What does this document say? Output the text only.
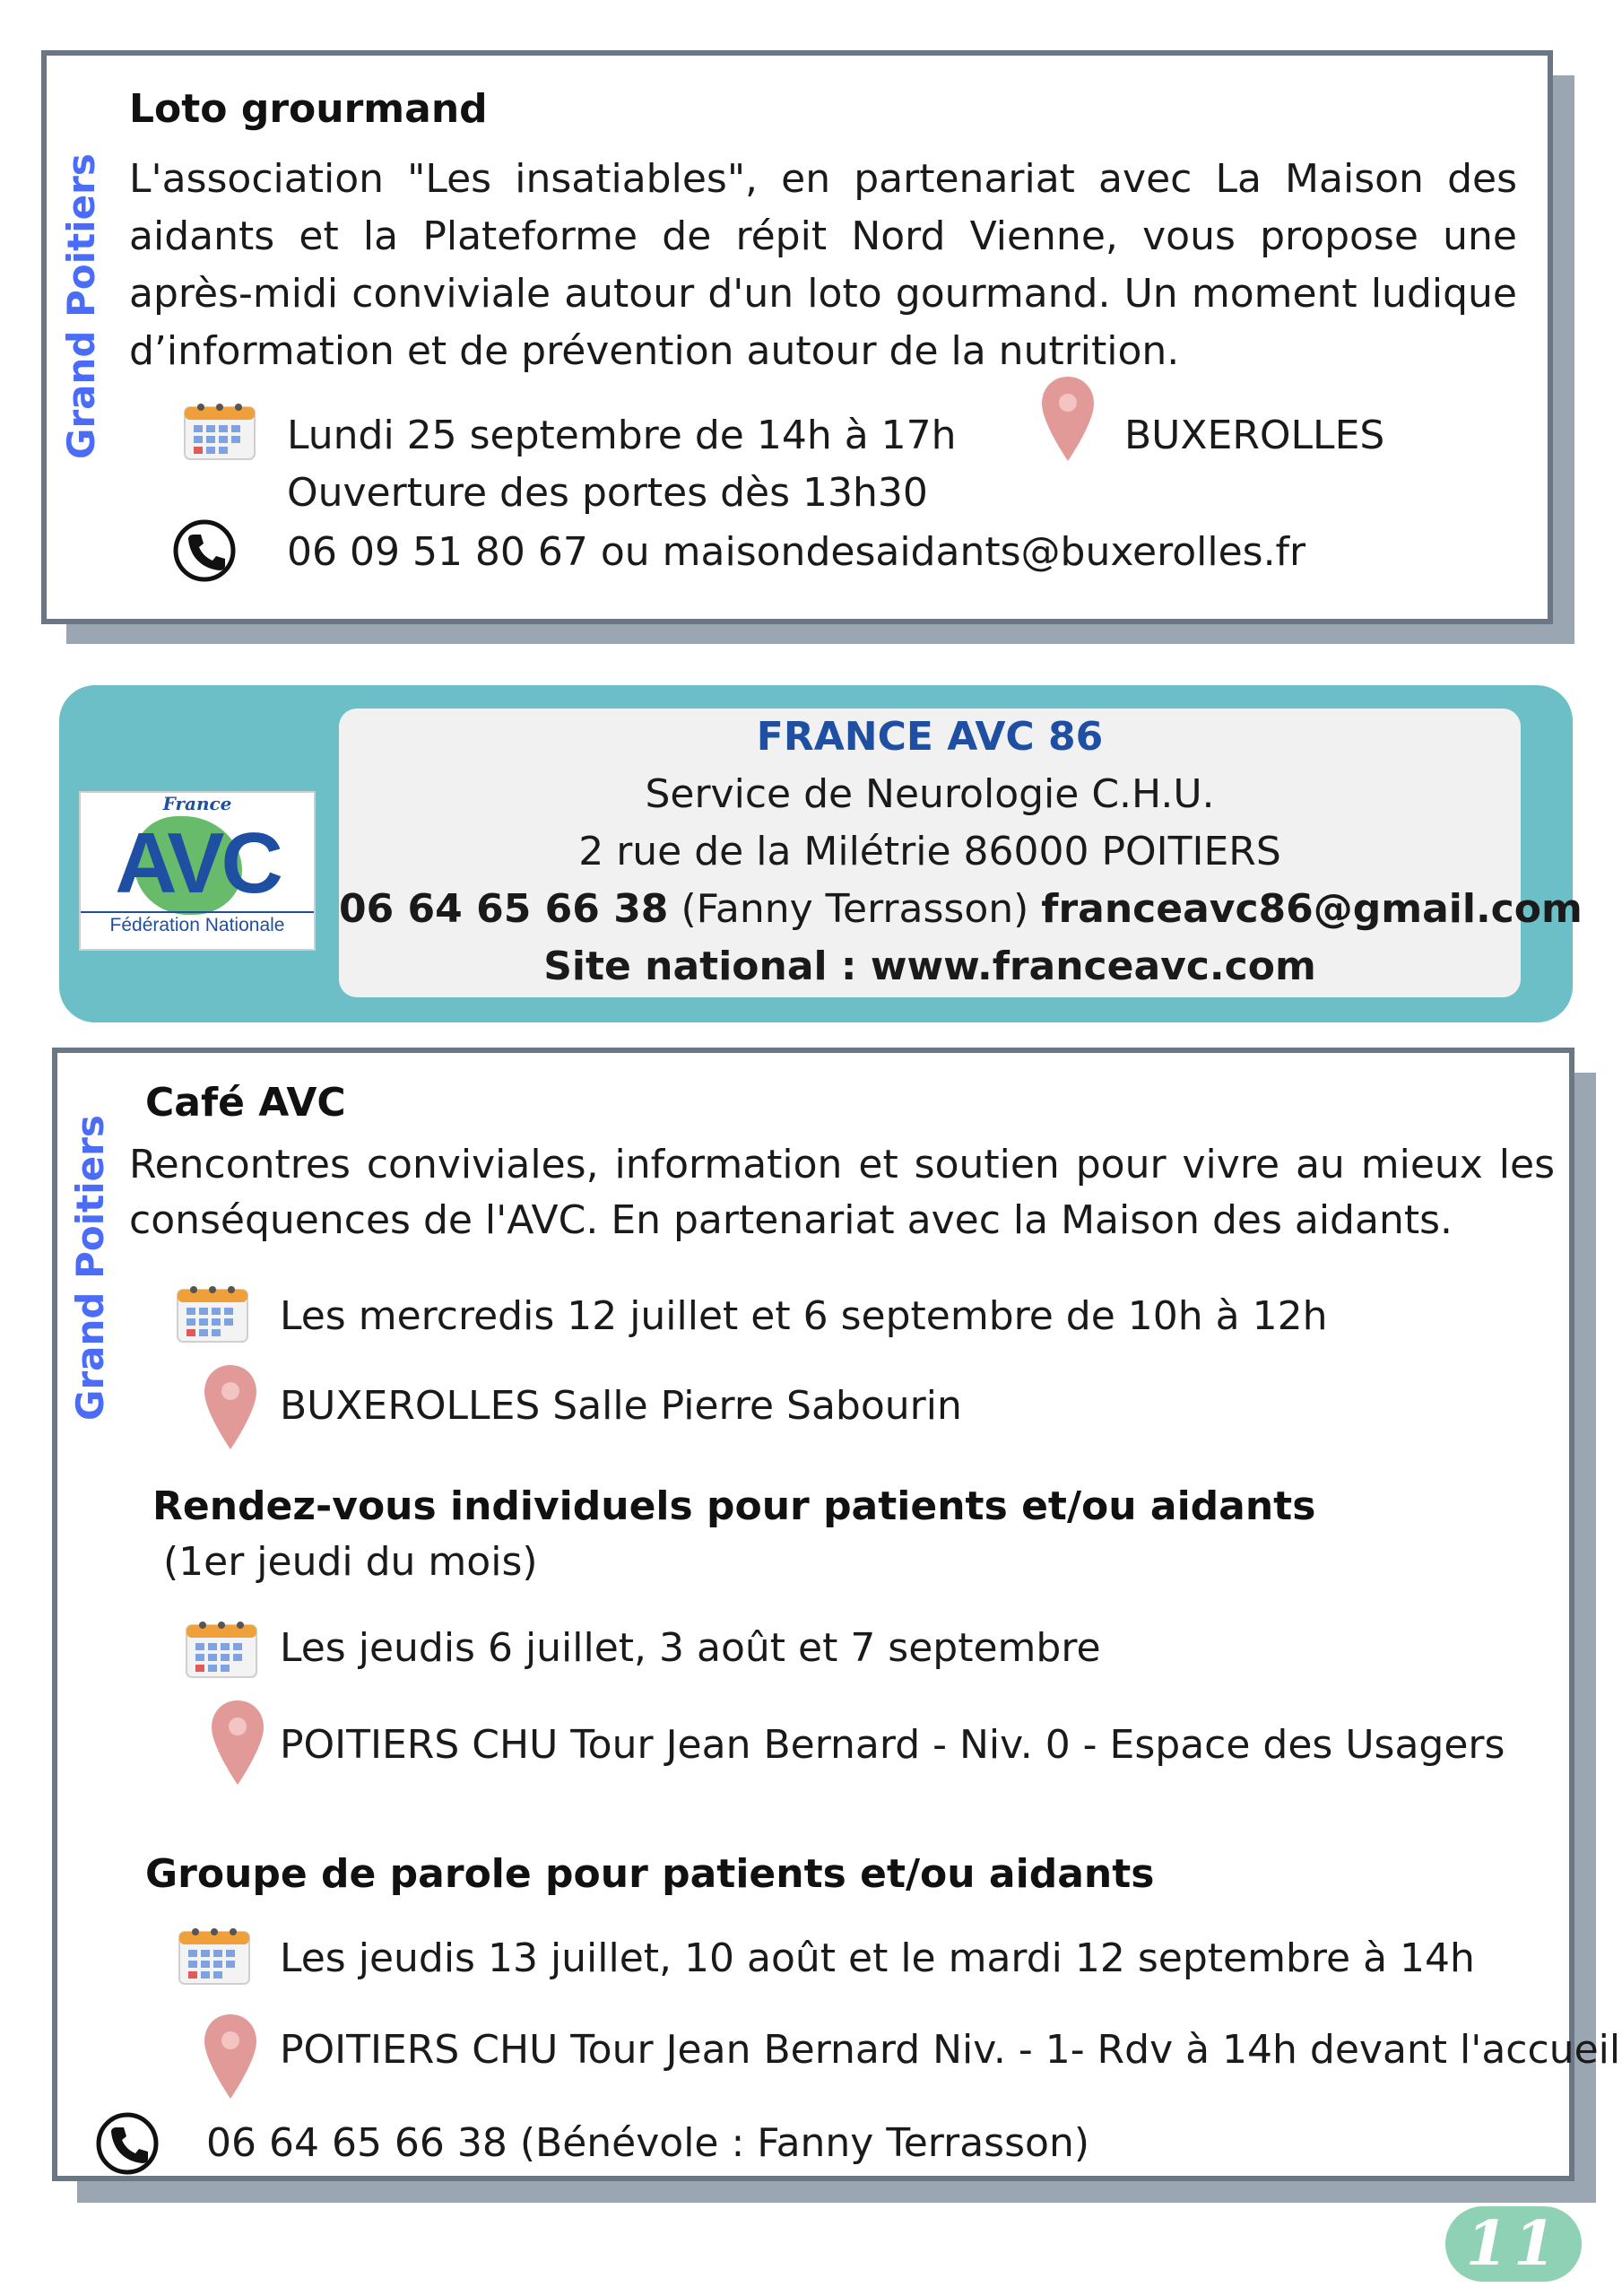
Grand Poitiers
Loto grourmand
L'association "Les insatiables", en partenariat avec La Maison des aidants et la Plateforme de répit Nord Vienne, vous propose une après-midi conviviale autour d'un loto gourmand. Un moment ludique d’information et de prévention autour de la nutrition.
Lundi 25 septembre de 14h à 17h
Ouverture des portes dès 13h30
BUXEROLLES
06 09 51 80 67 ou maisondesaidants@buxerolles.fr
France
AVC
Fédération Nationale
FRANCE AVC 86
Service de Neurologie C.H.U.
2 rue de la Milétrie 86000 POITIERS
06 64 65 66 38 (Fanny Terrasson) franceavc86@gmail.com
Site national : www.franceavc.com
Grand Poitiers
Café AVC
Rencontres conviviales, information et soutien pour vivre au mieux les conséquences de l'AVC. En partenariat avec la Maison des aidants.
Les mercredis 12 juillet et 6 septembre de 10h à 12h
BUXEROLLES Salle Pierre Sabourin
Rendez-vous individuels pour patients et/ou aidants
(1er jeudi du mois)
Les jeudis 6 juillet, 3 août et 7 septembre
POITIERS CHU Tour Jean Bernard - Niv. 0 - Espace des Usagers
Groupe de parole pour patients et/ou aidants
Les jeudis 13 juillet, 10 août et le mardi 12 septembre à 14h
POITIERS CHU Tour Jean Bernard Niv. - 1- Rdv à 14h devant l'accueil
06 64 65 66 38 (Bénévole : Fanny Terrasson)
11
